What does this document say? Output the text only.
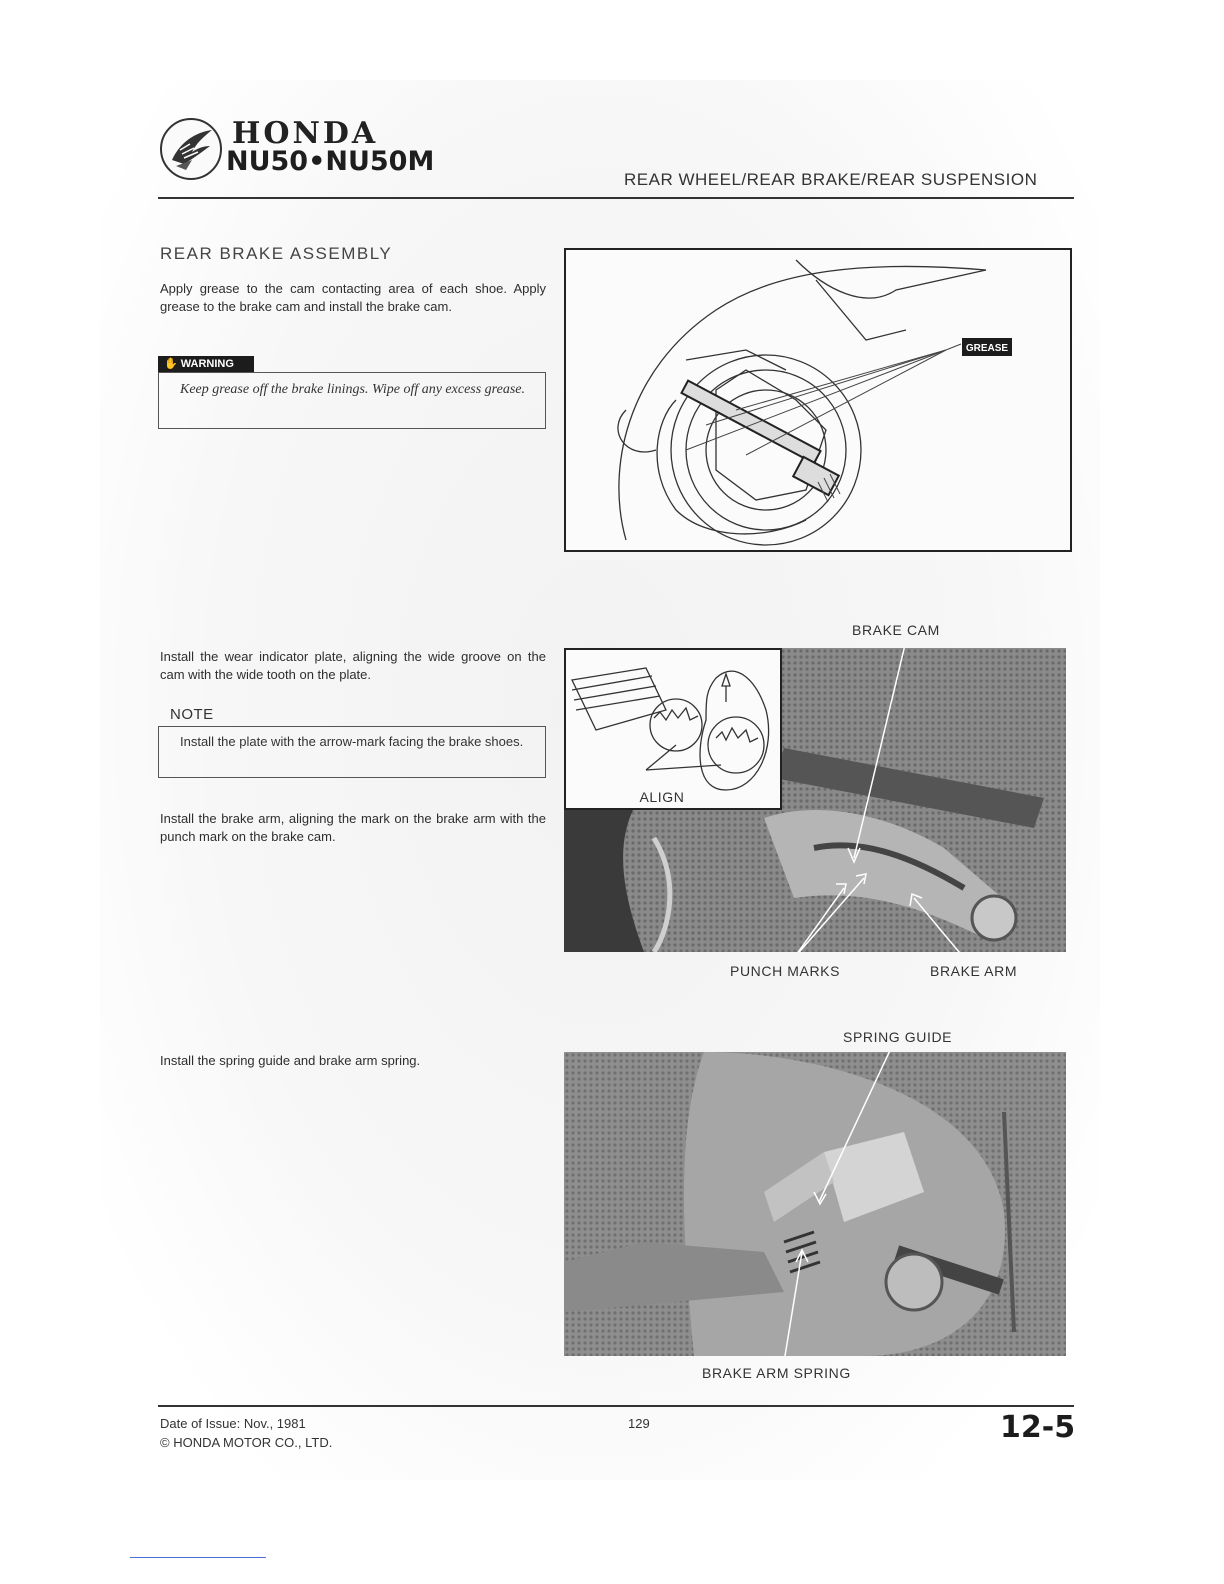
HONDA
NU50•NU50M
REAR WHEEL/REAR BRAKE/REAR SUSPENSION
REAR BRAKE ASSEMBLY
Apply grease to the cam contacting area of each shoe. Apply grease to the brake cam and install the brake cam.
✋ WARNING
Keep grease off the brake linings. Wipe off any excess grease.
GREASE
Install the wear indicator plate, aligning the wide groove on the cam with the wide tooth on the plate.
NOTE
Install the plate with the arrow-mark facing the brake shoes.
Install the brake arm, aligning the mark on the brake arm with the punch mark on the brake cam.
BRAKE CAM
ALIGN
PUNCH MARKS	BRAKE ARM
Install the spring guide and brake arm spring.
SPRING GUIDE
BRAKE ARM SPRING
Date of Issue: Nov., 1981
© HONDA MOTOR CO., LTD.
129	12-5
